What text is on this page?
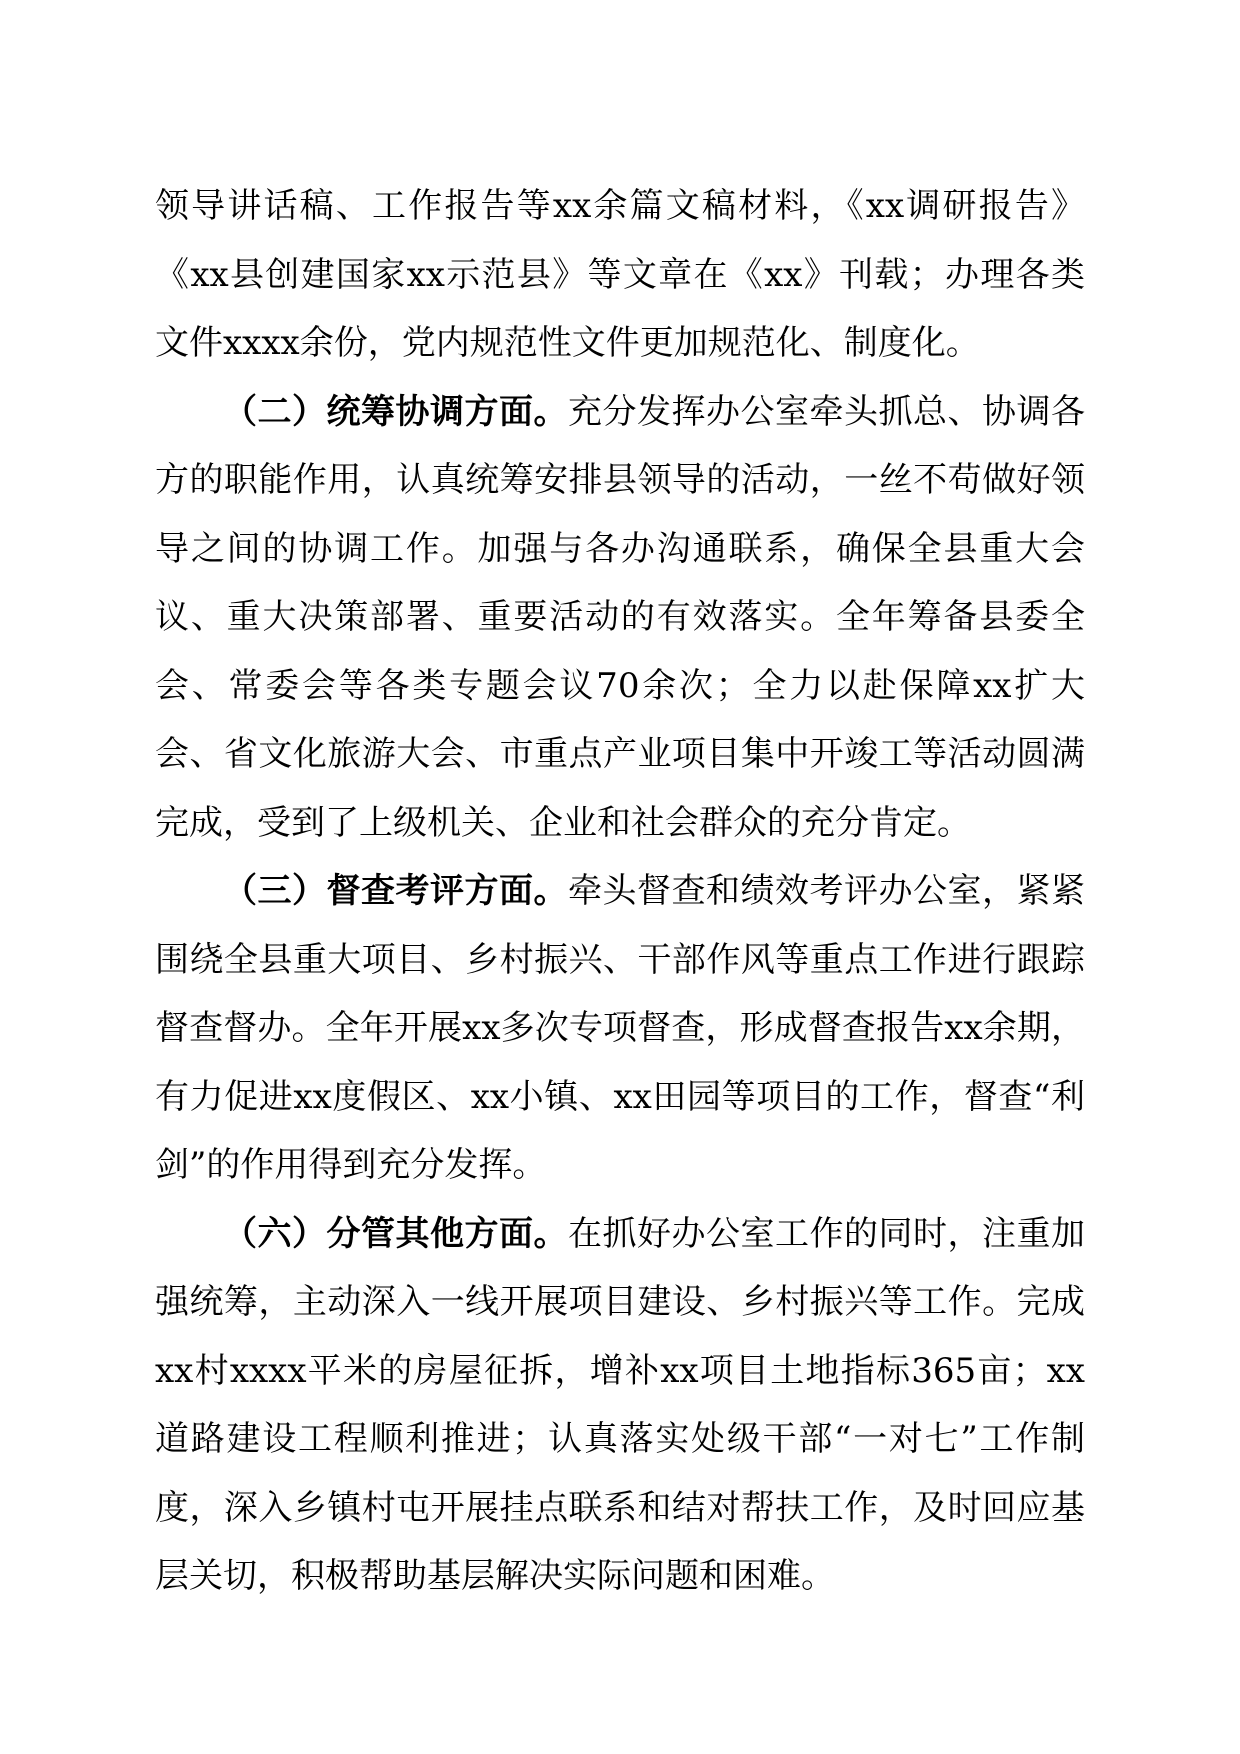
领导讲话稿、工作报告等xx余篇文稿材料，《xx调研报告》《xx县创建国家xx示范县》等文章在《xx》刊载；办理各类文件xxxx余份，党内规范性文件更加规范化、制度化。

（二）统筹协调方面。充分发挥办公室牵头抓总、协调各方的职能作用，认真统筹安排县领导的活动，一丝不苟做好领导之间的协调工作。加强与各办沟通联系，确保全县重大会议、重大决策部署、重要活动的有效落实。全年筹备县委全会、常委会等各类专题会议70余次；全力以赴保障xx扩大会、省文化旅游大会、市重点产业项目集中开竣工等活动圆满完成，受到了上级机关、企业和社会群众的充分肯定。

（三）督查考评方面。牵头督查和绩效考评办公室，紧紧围绕全县重大项目、乡村振兴、干部作风等重点工作进行跟踪督查督办。全年开展xx多次专项督查，形成督查报告xx余期，有力促进xx度假区、xx小镇、xx田园等项目的工作，督查“利剑”的作用得到充分发挥。

（六）分管其他方面。在抓好办公室工作的同时，注重加强统筹，主动深入一线开展项目建设、乡村振兴等工作。完成xx村xxxx平米的房屋征拆，增补xx项目土地指标365亩；xx道路建设工程顺利推进；认真落实处级干部“一对七”工作制度，深入乡镇村屯开展挂点联系和结对帮扶工作，及时回应基层关切，积极帮助基层解决实际问题和困难。
